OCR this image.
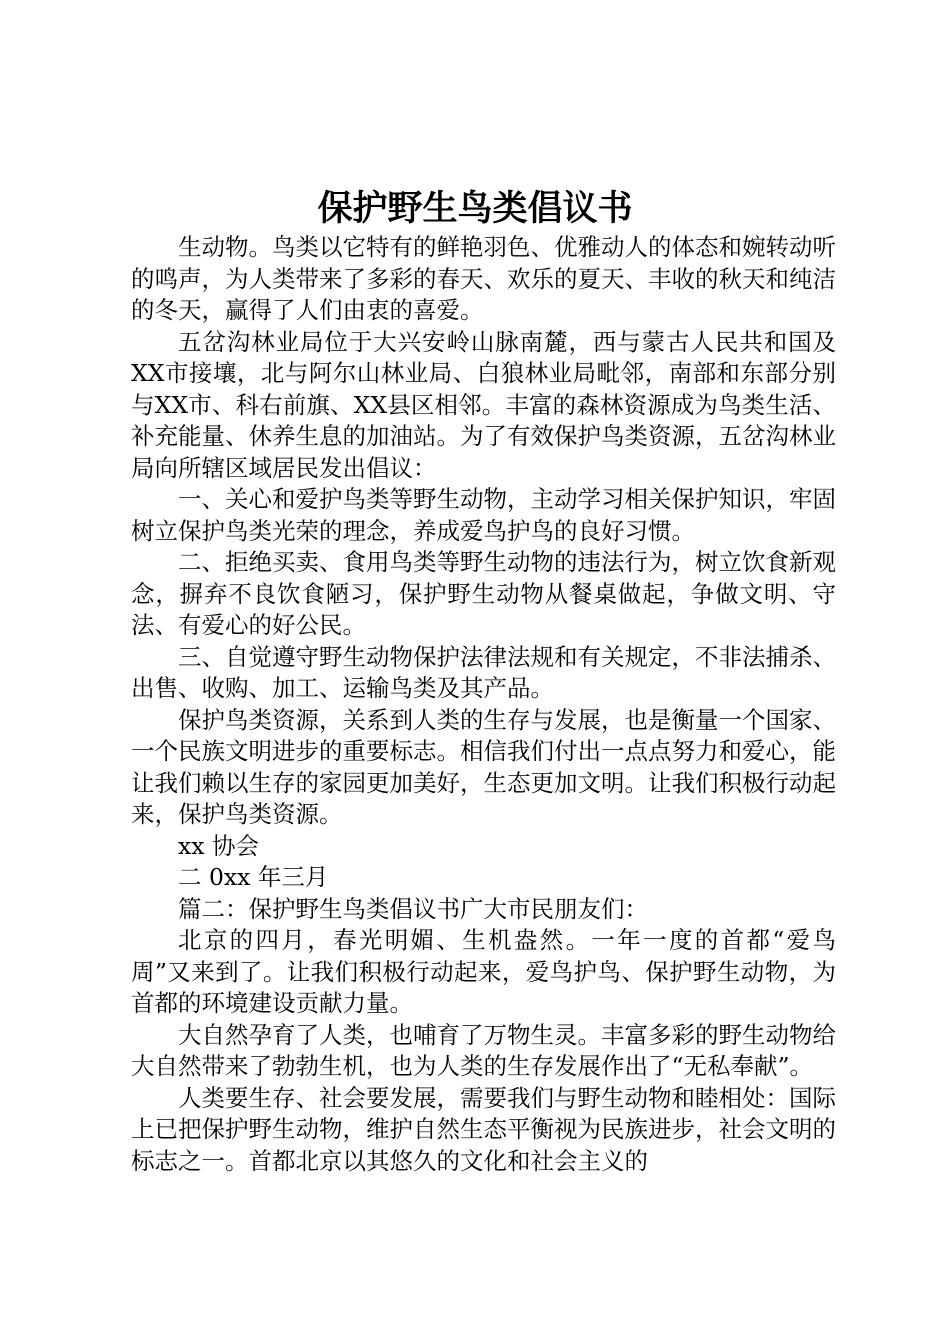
保护野生鸟类倡议书

生动物。鸟类以它特有的鲜艳羽色、优雅动人的体态和婉转动听的鸣声，为人类带来了多彩的春天、欢乐的夏天、丰收的秋天和纯洁的冬天，赢得了人们由衷的喜爱。

五岔沟林业局位于大兴安岭山脉南麓，西与蒙古人民共和国及XX市接壤，北与阿尔山林业局、白狼林业局毗邻，南部和东部分别与XX市、科右前旗、XX县区相邻。丰富的森林资源成为鸟类生活、补充能量、休养生息的加油站。为了有效保护鸟类资源，五岔沟林业局向所辖区域居民发出倡议：

一、关心和爱护鸟类等野生动物，主动学习相关保护知识，牢固树立保护鸟类光荣的理念，养成爱鸟护鸟的良好习惯。

二、拒绝买卖、食用鸟类等野生动物的违法行为，树立饮食新观念，摒弃不良饮食陋习，保护野生动物从餐桌做起，争做文明、守法、有爱心的好公民。

三、自觉遵守野生动物保护法律法规和有关规定，不非法捕杀、出售、收购、加工、运输鸟类及其产品。

保护鸟类资源，关系到人类的生存与发展，也是衡量一个国家、一个民族文明进步的重要标志。相信我们付出一点点努力和爱心，能让我们赖以生存的家园更加美好，生态更加文明。让我们积极行动起来，保护鸟类资源。

xx 协会

二 0xx 年三月

篇二：保护野生鸟类倡议书广大市民朋友们：

北京的四月，春光明媚、生机盎然。一年一度的首都“爱鸟周”又来到了。让我们积极行动起来，爱鸟护鸟、保护野生动物，为首都的环境建设贡献力量。

大自然孕育了人类，也哺育了万物生灵。丰富多彩的野生动物给大自然带来了勃勃生机，也为人类的生存发展作出了“无私奉献”。

人类要生存、社会要发展，需要我们与野生动物和睦相处：国际上已把保护野生动物，维护自然生态平衡视为民族进步，社会文明的标志之一。首都北京以其悠久的文化和社会主义的
